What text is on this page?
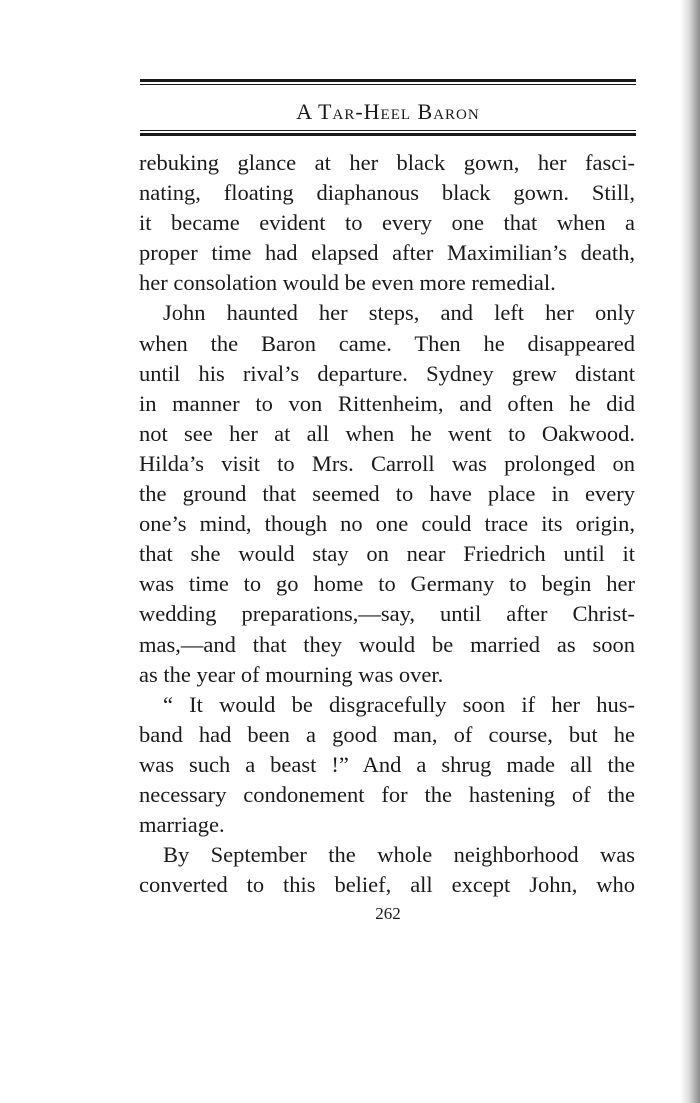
A Tar-Heel Baron
rebuking glance at her black gown, her fasci-
nating, floating diaphanous black gown. Still,
it became evident to every one that when a
proper time had elapsed after Maximilian’s death,
her consolation would be even more remedial.
John haunted her steps, and left her only
when the Baron came. Then he disappeared
until his rival’s departure. Sydney grew distant
in manner to von Rittenheim, and often he did
not see her at all when he went to Oakwood.
Hilda’s visit to Mrs. Carroll was prolonged on
the ground that seemed to have place in every
one’s mind, though no one could trace its origin,
that she would stay on near Friedrich until it
was time to go home to Germany to begin her
wedding preparations,—say, until after Christ-
mas,—and that they would be married as soon
as the year of mourning was over.
“ It would be disgracefully soon if her hus-
band had been a good man, of course, but he
was such a beast !” And a shrug made all the
necessary condonement for the hastening of the
marriage.
By September the whole neighborhood was
converted to this belief, all except John, who
262
